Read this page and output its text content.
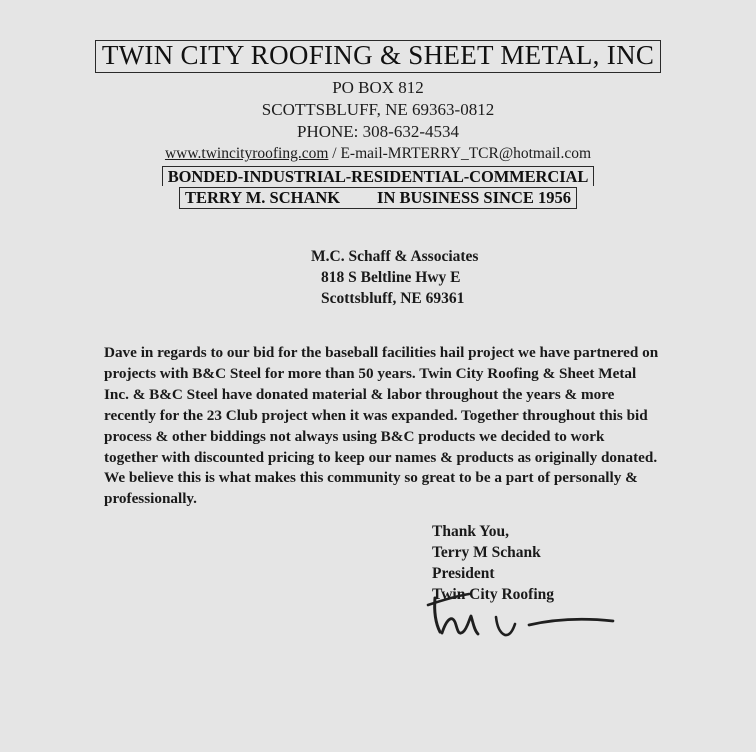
TWIN CITY ROOFING & SHEET METAL, INC
PO BOX 812
SCOTTSBLUFF, NE 69363-0812
PHONE: 308-632-4534
www.twincityroofing.com / E-mail-MRTERRY_TCR@hotmail.com
BONDED-INDUSTRIAL-RESIDENTIAL-COMMERCIAL

TERRY M. SCHANK IN BUSINESS SINCE 1956
M.C. Schaff & Associates
818 S Beltline Hwy E
Scottsbluff, NE 69361
Dave in regards to our bid for the baseball facilities hail project we have partnered on projects with B&C Steel for more than 50 years. Twin City Roofing & Sheet Metal Inc. & B&C Steel have donated material & labor throughout the years & more recently for the 23 Club project when it was expanded. Together throughout this bid process & other biddings not always using B&C products we decided to work together with discounted pricing to keep our names & products as originally donated. We believe this is what makes this community so great to be a part of personally & professionally.
Thank You,
Terry M Schank
President
Twin City Roofing
